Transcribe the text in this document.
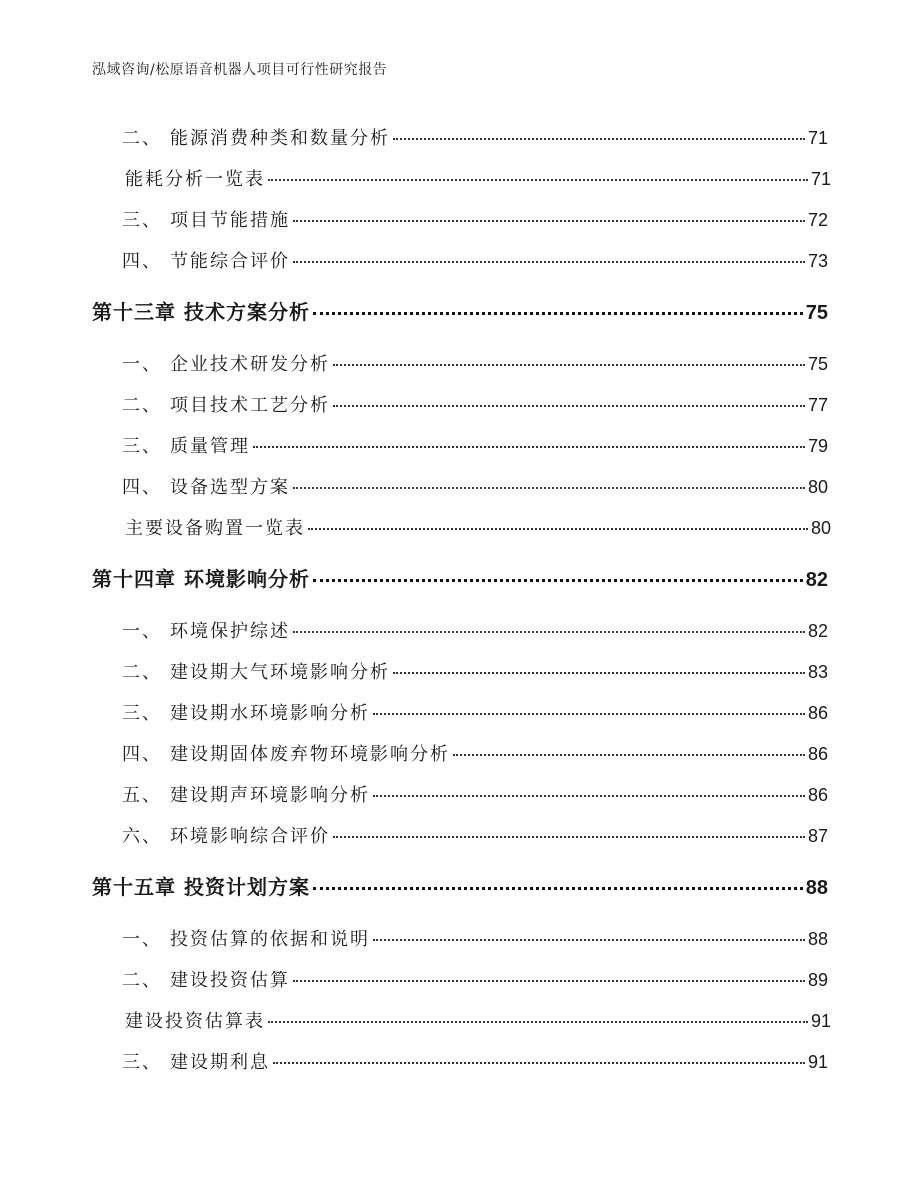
泓域咨询/松原语音机器人项目可行性研究报告
二、 能源消费种类和数量分析	71
能耗分析一览表	71
三、 项目节能措施	72
四、 节能综合评价	73
第十三章 技术方案分析	75
一、 企业技术研发分析	75
二、 项目技术工艺分析	77
三、 质量管理	79
四、 设备选型方案	80
主要设备购置一览表	80
第十四章 环境影响分析	82
一、 环境保护综述	82
二、 建设期大气环境影响分析	83
三、 建设期水环境影响分析	86
四、 建设期固体废弃物环境影响分析	86
五、 建设期声环境影响分析	86
六、 环境影响综合评价	87
第十五章 投资计划方案	88
一、 投资估算的依据和说明	88
二、 建设投资估算	89
建设投资估算表	91
三、 建设期利息	91
